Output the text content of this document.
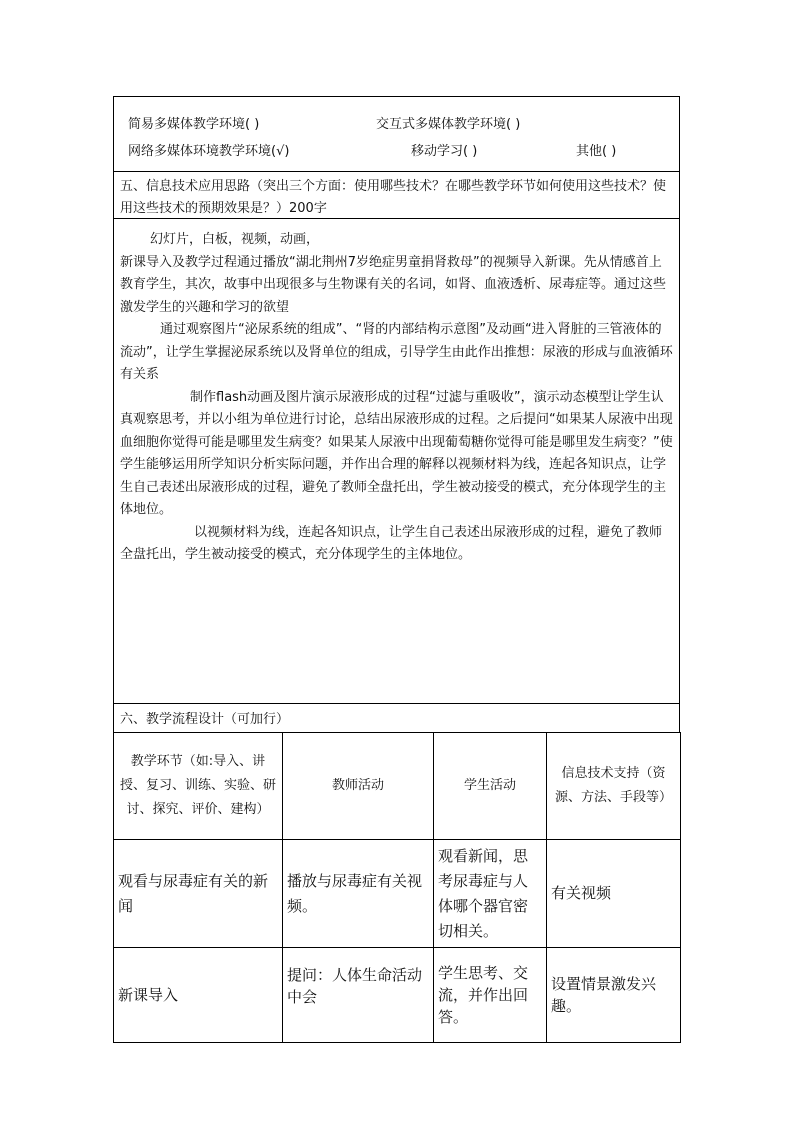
简易多媒体教学环境( )	交互式多媒体教学环境( )
网络多媒体环境教学环境(√)	移动学习( )	其他( )
五、信息技术应用思路（突出三个方面：使用哪些技术？在哪些教学环节如何使用这些技术？使用这些技术的预期效果是？）200字

幻灯片，白板，视频，动画，

新课导入及教学过程通过播放“湖北荆州7岁绝症男童捐肾救母”的视频导入新课。先从情感首上教育学生，其次，故事中出现很多与生物课有关的名词，如肾、血液透析、尿毒症等。通过这些激发学生的兴趣和学习的欲望

通过观察图片“泌尿系统的组成”、“肾的内部结构示意图”及动画“进入肾脏的三管液体的流动”，让学生掌握泌尿系统以及肾单位的组成，引导学生由此作出推想：尿液的形成与血液循环有关系

制作flash动画及图片演示尿液形成的过程“过滤与重吸收”，演示动态模型让学生认真观察思考，并以小组为单位进行讨论，总结出尿液形成的过程。之后提问“如果某人尿液中出现血细胞你觉得可能是哪里发生病变？如果某人尿液中出现葡萄糖你觉得可能是哪里发生病变？”使学生能够运用所学知识分析实际问题，并作出合理的解释以视频材料为线，连起各知识点，让学生自己表述出尿液形成的过程，避免了教师全盘托出，学生被动接受的模式，充分体现学生的主体地位。

以视频材料为线，连起各知识点，让学生自己表述出尿液形成的过程，避免了教师全盘托出，学生被动接受的模式，充分体现学生的主体地位。

六、教学流程设计（可加行）
教学环节（如:导入、讲授、复习、训练、实验、研讨、探究、评价、建构）	教师活动	学生活动	信息技术支持（资源、方法、手段等）
观看与尿毒症有关的新闻	播放与尿毒症有关视频。	观看新闻，思考尿毒症与人体哪个器官密切相关。	有关视频
新课导入	提问：人体生命活动中会	学生思考、交流，并作出回答。	设置情景激发兴趣。
